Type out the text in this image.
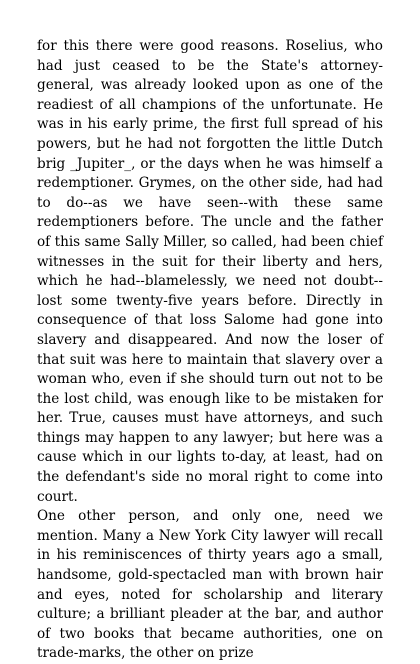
for this there were good reasons. Roselius, who had just ceased to be the State's attorney-general, was already looked upon as one of the readiest of all champions of the unfortunate. He was in his early prime, the first full spread of his powers, but he had not forgotten the little Dutch brig _Jupiter_, or the days when he was himself a redemptioner. Grymes, on the other side, had had to do--as we have seen--with these same redemptioners before. The uncle and the father of this same Sally Miller, so called, had been chief witnesses in the suit for their liberty and hers, which he had--blamelessly, we need not doubt--lost some twenty-five years before. Directly in consequence of that loss Salome had gone into slavery and disappeared. And now the loser of that suit was here to maintain that slavery over a woman who, even if she should turn out not to be the lost child, was enough like to be mistaken for her. True, causes must have attorneys, and such things may happen to any lawyer; but here was a cause which in our lights to-day, at least, had on the defendant's side no moral right to come into court.

One other person, and only one, need we mention. Many a New York City lawyer will recall in his reminiscences of thirty years ago a small, handsome, gold-spectacled man with brown hair and eyes, noted for scholarship and literary culture; a brilliant pleader at the bar, and author of two books that became authorities, one on trade-marks, the other on prize
